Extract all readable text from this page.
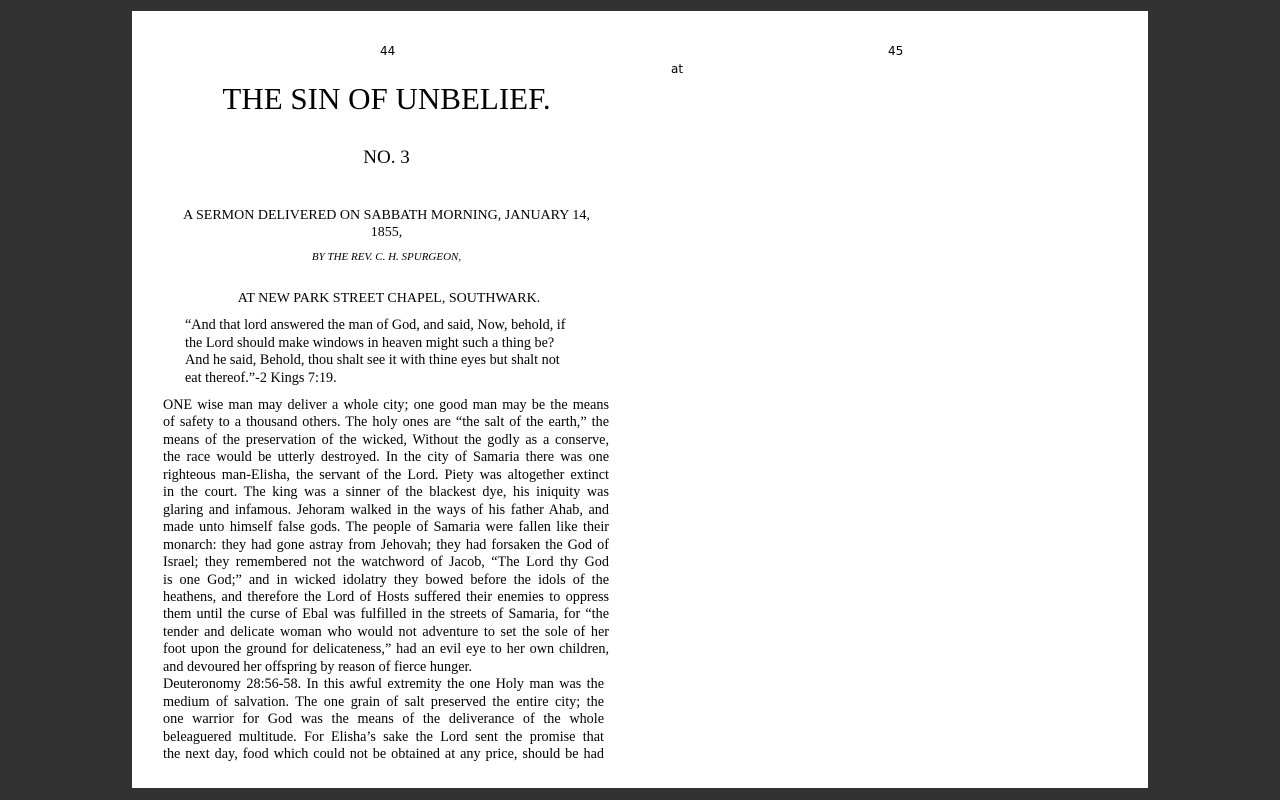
44	45
at
THE SIN OF UNBELIEF.
NO. 3
A SERMON DELIVERED ON SABBATH MORNING, JANUARY 14,
1855,
BY THE REV. C. H. SPURGEON,
AT NEW PARK STREET CHAPEL, SOUTHWARK.
“And that lord answered the man of God, and said, Now, behold, if
the Lord should make windows in heaven might such a thing be?
And he said, Behold, thou shalt see it with thine eyes but shalt not
eat thereof.”-2 Kings 7:19.
ONE wise man may deliver a whole city; one good man may be the means
of safety to a thousand others. The holy ones are “the salt of the earth,” the
means of the preservation of the wicked, Without the godly as a conserve,
the race would be utterly destroyed. In the city of Samaria there was one
righteous man-Elisha, the servant of the Lord. Piety was altogether extinct
in the court. The king was a sinner of the blackest dye, his iniquity was
glaring and infamous. Jehoram walked in the ways of his father Ahab, and
made unto himself false gods. The people of Samaria were fallen like their
monarch: they had gone astray from Jehovah; they had forsaken the God of
Israel; they remembered not the watchword of Jacob, “The Lord thy God
is one God;” and in wicked idolatry they bowed before the idols of the
heathens, and therefore the Lord of Hosts suffered their enemies to oppress
them until the curse of Ebal was fulfilled in the streets of Samaria, for “the
tender and delicate woman who would not adventure to set the sole of her
foot upon the ground for delicateness,” had an evil eye to her own children,
and devoured her offspring by reason of fierce hunger.
Deuteronomy 28:56-58. In this awful extremity the one Holy man was the
medium of salvation. The one grain of salt preserved the entire city; the
one warrior for God was the means of the deliverance of the whole
beleaguered multitude. For Elisha’s sake the Lord sent the promise that
the next day, food which could not be obtained at any price, should be had
